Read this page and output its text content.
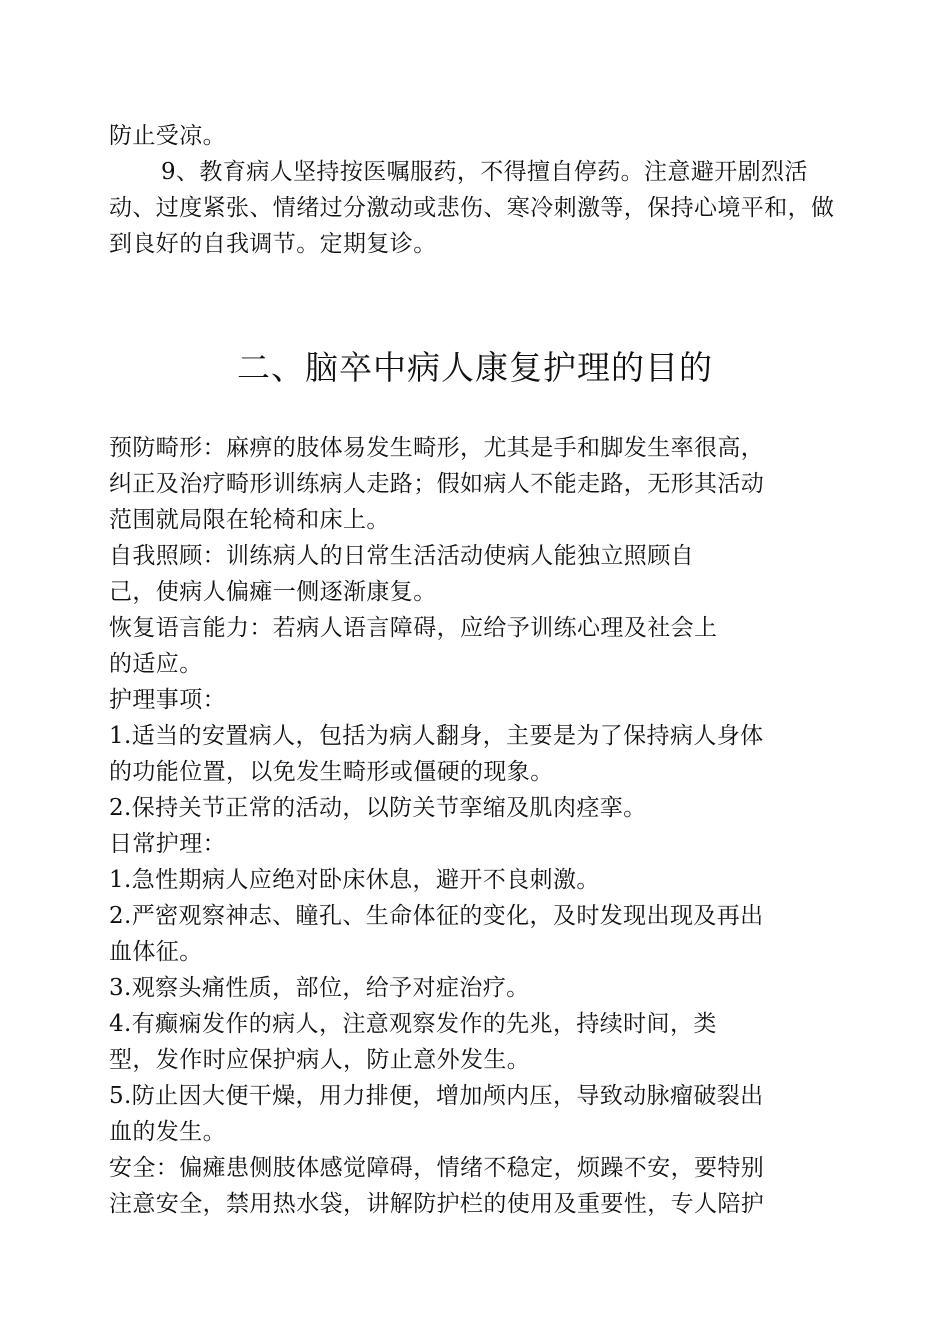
防止受凉。

9、教育病人坚持按医嘱服药，不得擅自停药。注意避开剧烈活动、过度紧张、情绪过分激动或悲伤、寒冷刺激等，保持心境平和，做到良好的自我调节。定期复诊。

二、脑卒中病人康复护理的目的
预防畸形：麻痹的肢体易发生畸形，尤其是手和脚发生率很高，
纠正及治疗畸形训练病人走路；假如病人不能走路，无形其活动
范围就局限在轮椅和床上。
自我照顾：训练病人的日常生活活动使病人能独立照顾自
己，使病人偏瘫一侧逐渐康复。
恢复语言能力：若病人语言障碍，应给予训练心理及社会上
的适应。
护理事项：
1.适当的安置病人，包括为病人翻身，主要是为了保持病人身体
的功能位置，以免发生畸形或僵硬的现象。
2.保持关节正常的活动，以防关节挛缩及肌肉痉挛。
日常护理：
1.急性期病人应绝对卧床休息，避开不良刺激。
2.严密观察神志、瞳孔、生命体征的变化，及时发现出现及再出
血体征。
3.观察头痛性质，部位，给予对症治疗。
4.有癫痫发作的病人，注意观察发作的先兆，持续时间，类
型，发作时应保护病人，防止意外发生。
5.防止因大便干燥，用力排便，增加颅内压，导致动脉瘤破裂出
血的发生。
安全：偏瘫患侧肢体感觉障碍，情绪不稳定，烦躁不安，要特别
注意安全，禁用热水袋，讲解防护栏的使用及重要性，专人陪护
